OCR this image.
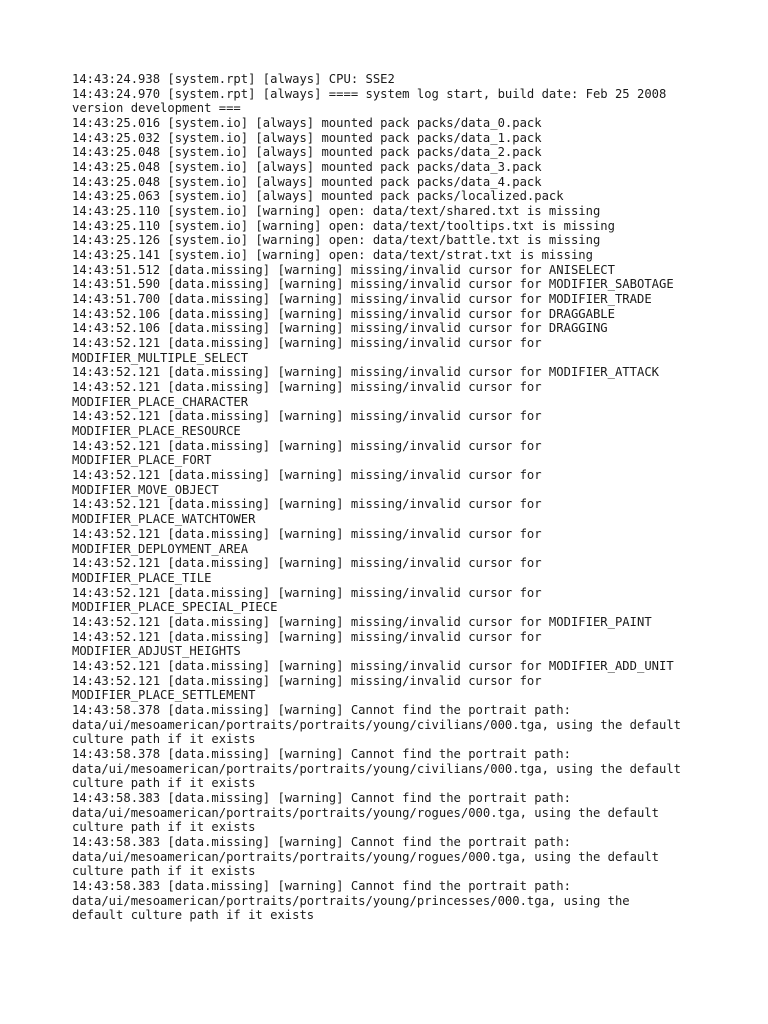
14:43:24.938 [system.rpt] [always] CPU: SSE2
14:43:24.970 [system.rpt] [always] ==== system log start, build date: Feb 25 2008
version development ===
14:43:25.016 [system.io] [always] mounted pack packs/data_0.pack
14:43:25.032 [system.io] [always] mounted pack packs/data_1.pack
14:43:25.048 [system.io] [always] mounted pack packs/data_2.pack
14:43:25.048 [system.io] [always] mounted pack packs/data_3.pack
14:43:25.048 [system.io] [always] mounted pack packs/data_4.pack
14:43:25.063 [system.io] [always] mounted pack packs/localized.pack
14:43:25.110 [system.io] [warning] open: data/text/shared.txt is missing
14:43:25.110 [system.io] [warning] open: data/text/tooltips.txt is missing
14:43:25.126 [system.io] [warning] open: data/text/battle.txt is missing
14:43:25.141 [system.io] [warning] open: data/text/strat.txt is missing
14:43:51.512 [data.missing] [warning] missing/invalid cursor for ANISELECT
14:43:51.590 [data.missing] [warning] missing/invalid cursor for MODIFIER_SABOTAGE
14:43:51.700 [data.missing] [warning] missing/invalid cursor for MODIFIER_TRADE
14:43:52.106 [data.missing] [warning] missing/invalid cursor for DRAGGABLE
14:43:52.106 [data.missing] [warning] missing/invalid cursor for DRAGGING
14:43:52.121 [data.missing] [warning] missing/invalid cursor for
MODIFIER_MULTIPLE_SELECT
14:43:52.121 [data.missing] [warning] missing/invalid cursor for MODIFIER_ATTACK
14:43:52.121 [data.missing] [warning] missing/invalid cursor for
MODIFIER_PLACE_CHARACTER
14:43:52.121 [data.missing] [warning] missing/invalid cursor for
MODIFIER_PLACE_RESOURCE
14:43:52.121 [data.missing] [warning] missing/invalid cursor for
MODIFIER_PLACE_FORT
14:43:52.121 [data.missing] [warning] missing/invalid cursor for
MODIFIER_MOVE_OBJECT
14:43:52.121 [data.missing] [warning] missing/invalid cursor for
MODIFIER_PLACE_WATCHTOWER
14:43:52.121 [data.missing] [warning] missing/invalid cursor for
MODIFIER_DEPLOYMENT_AREA
14:43:52.121 [data.missing] [warning] missing/invalid cursor for
MODIFIER_PLACE_TILE
14:43:52.121 [data.missing] [warning] missing/invalid cursor for
MODIFIER_PLACE_SPECIAL_PIECE
14:43:52.121 [data.missing] [warning] missing/invalid cursor for MODIFIER_PAINT
14:43:52.121 [data.missing] [warning] missing/invalid cursor for
MODIFIER_ADJUST_HEIGHTS
14:43:52.121 [data.missing] [warning] missing/invalid cursor for MODIFIER_ADD_UNIT
14:43:52.121 [data.missing] [warning] missing/invalid cursor for
MODIFIER_PLACE_SETTLEMENT
14:43:58.378 [data.missing] [warning] Cannot find the portrait path:
data/ui/mesoamerican/portraits/portraits/young/civilians/000.tga, using the default
culture path if it exists
14:43:58.378 [data.missing] [warning] Cannot find the portrait path:
data/ui/mesoamerican/portraits/portraits/young/civilians/000.tga, using the default
culture path if it exists
14:43:58.383 [data.missing] [warning] Cannot find the portrait path:
data/ui/mesoamerican/portraits/portraits/young/rogues/000.tga, using the default
culture path if it exists
14:43:58.383 [data.missing] [warning] Cannot find the portrait path:
data/ui/mesoamerican/portraits/portraits/young/rogues/000.tga, using the default
culture path if it exists
14:43:58.383 [data.missing] [warning] Cannot find the portrait path:
data/ui/mesoamerican/portraits/portraits/young/princesses/000.tga, using the
default culture path if it exists
